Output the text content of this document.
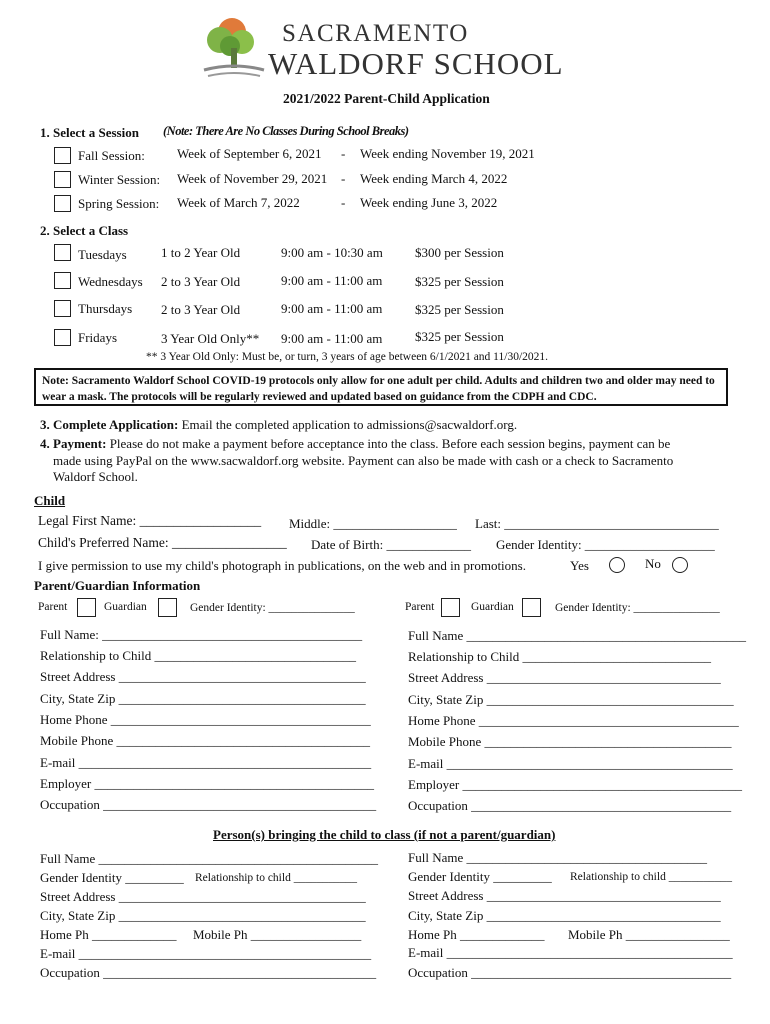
SACRAMENTO
WALDORF SCHOOL
2021/2022 Parent-Child Application
1. Select a Session (Note: There Are No Classes During School Breaks)
Fall Session: Week of September 6, 2021 - Week ending November 19, 2021
Winter Session: Week of November 29, 2021 - Week ending March 4, 2022
Spring Session: Week of March 7, 2022	- Week ending June 3, 2022
2. Select a Class
Tuesdays	1 to 2 Year Old	9:00 am - 10:30 am $300 per Session
Wednesdays 2 to 3 Year Old	9:00 am - 11:00 am	$325 per Session
Thursdays 2 to 3 Year Old	9:00 am - 11:00 am	$325 per Session
Fridays	3 Year Old Only** 9:00 am - 11:00 am	$325 per Session
** 3 Year Old Only: Must be, or turn, 3 years of age between 6/1/2021 and 11/30/2021.
Note: Sacramento Waldorf School COVID-19 protocols only allow for one adult per child. Adults and children two and older may need to wear a mask. The protocols will be regularly reviewed and updated based on guidance from the CDPH and CDC.
3. Complete Application: Email the completed application to admissions@sacwaldorf.org.
4. Payment: Please do not make a payment before acceptance into the class. Before each session begins, payment can be
made using PayPal on the www.sacwaldorf.org website. Payment can also be made with cash or a check to Sacramento
Waldorf School.
Child
Legal First Name: __________________ Middle: ___________________ Last: _________________________________
Child's Preferred Name: _________________ Date of Birth: _____________ Gender Identity: ____________________
I give permission to use my child's photograph in publications, on the web and in promotions.	Yes	No
Parent/Guardian Information
Parent	Guardian	Gender Identity: _______________	Parent	Guardian	Gender Identity: _______________
Full Name: ________________________________________
Relationship to Child _______________________________
Street Address ______________________________________
City, State Zip ______________________________________
Home Phone ________________________________________
Mobile Phone _______________________________________
E-mail _____________________________________________
Employer ___________________________________________
Occupation __________________________________________
Full Name ___________________________________________
Relationship to Child _____________________________
Street Address ____________________________________
City, State Zip ______________________________________
Home Phone ________________________________________
Mobile Phone ______________________________________
E-mail ____________________________________________
Employer ___________________________________________
Occupation ________________________________________
Person(s) bringing the child to class (if not a parent/guardian)
Full Name ___________________________________________
Gender Identity _________ Relationship to child ___________
Street Address ______________________________________
City, State Zip ______________________________________
Home Ph _____________ Mobile Ph _________________
E-mail _____________________________________________
Occupation __________________________________________
Full Name _____________________________________
Gender Identity _________ Relationship to child ___________
Street Address ____________________________________
City, State Zip ____________________________________
Home Ph _____________ Mobile Ph ________________
E-mail ____________________________________________
Occupation ________________________________________
